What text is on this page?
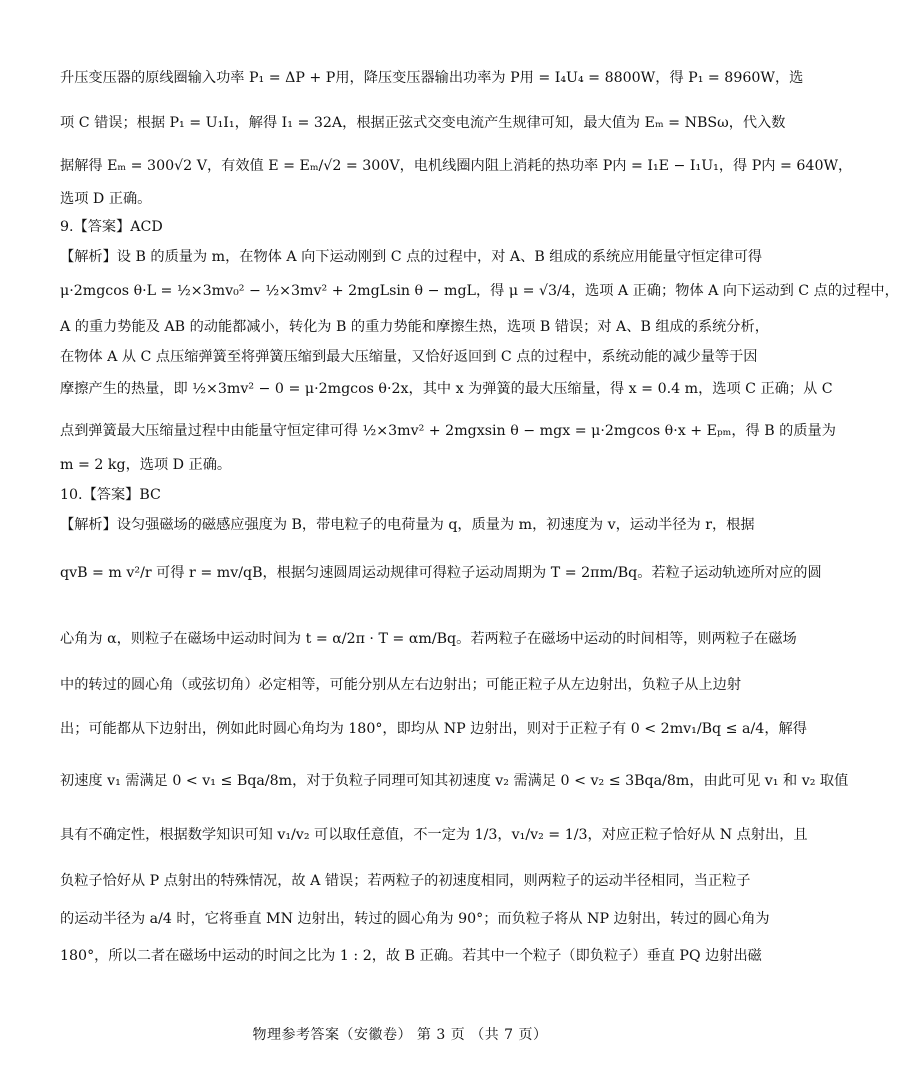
升压变压器的原线圈输入功率 P₁ = ΔP + P用，降压变压器输出功率为 P用 = I₄U₄ = 8800W，得 P₁ = 8960W，选
项 C 错误；根据 P₁ = U₁I₁，解得 I₁ = 32A，根据正弦式交变电流产生规律可知，最大值为 Eₘ = NBSω，代入数
据解得 Eₘ = 300√2 V，有效值 E = Eₘ/√2 = 300V，电机线圈内阻上消耗的热功率 P内 = I₁E − I₁U₁，得 P内 = 640W，
选项 D 正确。
9.【答案】ACD
【解析】设 B 的质量为 m，在物体 A 向下运动刚到 C 点的过程中，对 A、B 组成的系统应用能量守恒定律可得
μ·2mgcos θ·L = ½×3mv₀² − ½×3mv² + 2mgLsin θ − mgL，得 μ = √3/4，选项 A 正确；物体 A 向下运动到 C 点的过程中，
A 的重力势能及 AB 的动能都减小，转化为 B 的重力势能和摩擦生热，选项 B 错误；对 A、B 组成的系统分析，
在物体 A 从 C 点压缩弹簧至将弹簧压缩到最大压缩量，又恰好返回到 C 点的过程中，系统动能的减少量等于因
摩擦产生的热量，即 ½×3mv² − 0 = μ·2mgcos θ·2x，其中 x 为弹簧的最大压缩量，得 x = 0.4 m，选项 C 正确；从 C
点到弹簧最大压缩量过程中由能量守恒定律可得 ½×3mv² + 2mgxsin θ − mgx = μ·2mgcos θ·x + Eₚₘ，得 B 的质量为
m = 2 kg，选项 D 正确。
10.【答案】BC
【解析】设匀强磁场的磁感应强度为 B，带电粒子的电荷量为 q，质量为 m，初速度为 v，运动半径为 r，根据
qvB = m v²/r 可得 r = mv/qB，根据匀速圆周运动规律可得粒子运动周期为 T = 2πm/Bq。若粒子运动轨迹所对应的圆
心角为 α，则粒子在磁场中运动时间为 t = α/2π · T = αm/Bq。若两粒子在磁场中运动的时间相等，则两粒子在磁场
中的转过的圆心角（或弦切角）必定相等，可能分别从左右边射出；可能正粒子从左边射出，负粒子从上边射
出；可能都从下边射出，例如此时圆心角均为 180°，即均从 NP 边射出，则对于正粒子有 0 < 2mv₁/Bq ≤ a/4，解得
初速度 v₁ 需满足 0 < v₁ ≤ Bqa/8m，对于负粒子同理可知其初速度 v₂ 需满足 0 < v₂ ≤ 3Bqa/8m，由此可见 v₁ 和 v₂ 取值
具有不确定性，根据数学知识可知 v₁/v₂ 可以取任意值，不一定为 1/3，v₁/v₂ = 1/3，对应正粒子恰好从 N 点射出，且
负粒子恰好从 P 点射出的特殊情况，故 A 错误；若两粒子的初速度相同，则两粒子的运动半径相同，当正粒子
的运动半径为 a/4 时，它将垂直 MN 边射出，转过的圆心角为 90°；而负粒子将从 NP 边射出，转过的圆心角为
180°，所以二者在磁场中运动的时间之比为 1 : 2，故 B 正确。若其中一个粒子（即负粒子）垂直 PQ 边射出磁
物理参考答案（安徽卷） 第 3 页 （共 7 页）
